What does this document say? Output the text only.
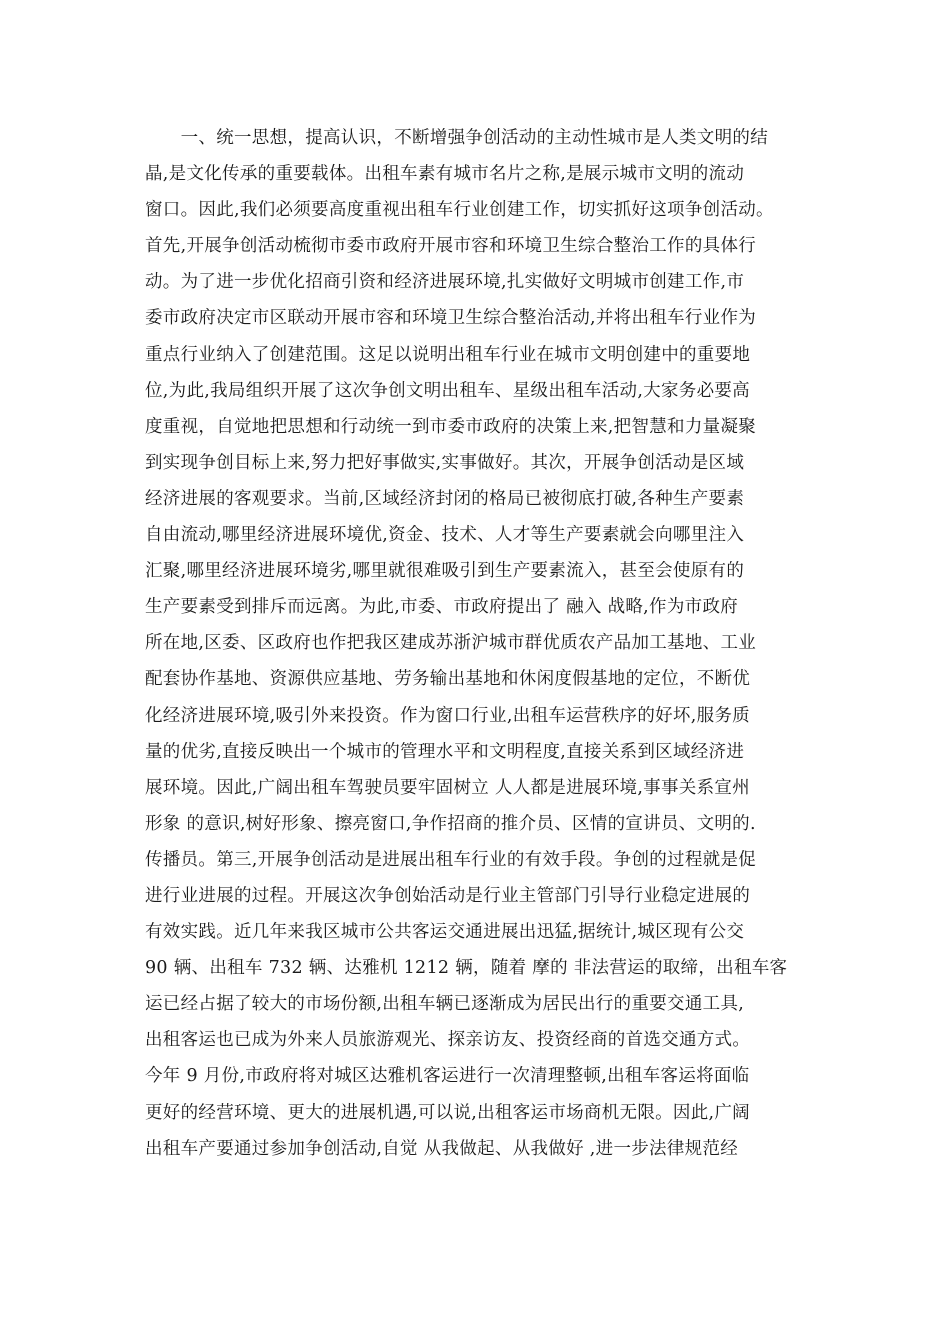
　　一、统一思想，提高认识，不断增强争创活动的主动性城市是人类文明的结
晶,是文化传承的重要载体。出租车素有城市名片之称,是展示城市文明的流动
窗口。因此,我们必须要高度重视出租车行业创建工作，切实抓好这项争创活动。
首先,开展争创活动梳彻市委市政府开展市容和环境卫生综合整治工作的具体行
动。为了进一步优化招商引资和经济进展环境,扎实做好文明城市创建工作,市
委市政府决定市区联动开展市容和环境卫生综合整治活动,并将出租车行业作为
重点行业纳入了创建范围。这足以说明出租车行业在城市文明创建中的重要地
位,为此,我局组织开展了这次争创文明出租车、星级出租车活动,大家务必要高
度重视，自觉地把思想和行动统一到市委市政府的决策上来,把智慧和力量凝聚
到实现争创目标上来,努力把好事做实,实事做好。其次，开展争创活动是区域
经济进展的客观要求。当前,区域经济封闭的格局已被彻底打破,各种生产要素
自由流动,哪里经济进展环境优,资金、技术、人才等生产要素就会向哪里注入
汇聚,哪里经济进展环境劣,哪里就很难吸引到生产要素流入，甚至会使原有的
生产要素受到排斥而远离。为此,市委、市政府提出了 融入 战略,作为市政府
所在地,区委、区政府也作把我区建成苏浙沪城市群优质农产品加工基地、工业
配套协作基地、资源供应基地、劳务输出基地和休闲度假基地的定位，不断优
化经济进展环境,吸引外来投资。作为窗口行业,出租车运营秩序的好坏,服务质
量的优劣,直接反映出一个城市的管理水平和文明程度,直接关系到区域经济进
展环境。因此,广阔出租车驾驶员要牢固树立 人人都是进展环境,事事关系宣州
形象 的意识,树好形象、擦亮窗口,争作招商的推介员、区情的宣讲员、文明的.
传播员。第三,开展争创活动是进展出租车行业的有效手段。争创的过程就是促
进行业进展的过程。开展这次争创始活动是行业主管部门引导行业稳定进展的
有效实践。近几年来我区城市公共客运交通进展出迅猛,据统计,城区现有公交
90 辆、出租车 732 辆、达雅机 1212 辆，随着 摩的 非法营运的取缔，出租车客
运已经占据了较大的市场份额,出租车辆已逐渐成为居民出行的重要交通工具,
出租客运也已成为外来人员旅游观光、探亲访友、投资经商的首选交通方式。
今年 9 月份,市政府将对城区达雅机客运进行一次清理整顿,出租车客运将面临
更好的经营环境、更大的进展机遇,可以说,出租客运市场商机无限。因此,广阔
出租车产要通过参加争创活动,自觉 从我做起、从我做好 ,进一步法律规范经
